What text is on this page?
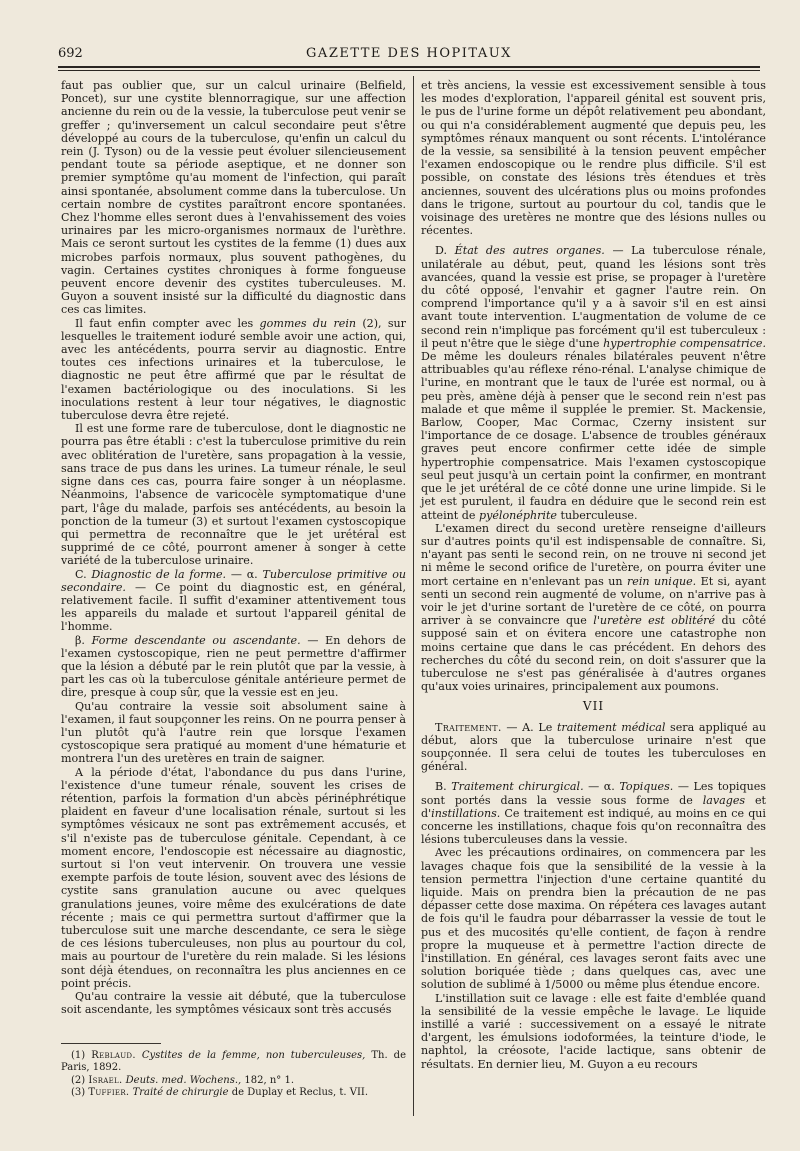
692	GAZETTE DES HOPITAUX

faut pas oublier que, sur un calcul urinaire (Belfield, Poncet), sur une cystite blennorragique, sur une affection ancienne du rein ou de la vessie, la tuberculose peut venir se greffer ; qu'inversement un calcul secondaire peut s'être développé au cours de la tuberculose, qu'enfin un calcul du rein (J. Tyson) ou de la vessie peut évoluer silencieusement pendant toute sa période aseptique, et ne donner son premier symptôme qu'au moment de l'infection, qui paraît ainsi spontanée, absolument comme dans la tuberculose. Un certain nombre de cystites paraîtront encore spontanées. Chez l'homme elles seront dues à l'envahissement des voies urinaires par les micro-organismes normaux de l'urèthre. Mais ce seront surtout les cystites de la femme (1) dues aux microbes parfois normaux, plus souvent pathogènes, du vagin. Certaines cystites chroniques à forme fongueuse peuvent encore devenir des cystites tuberculeuses. M. Guyon a souvent insisté sur la difficulté du diagnostic dans ces cas limites.

Il faut enfin compter avec les gommes du rein (2), sur lesquelles le traitement ioduré semble avoir une action, qui, avec les antécédents, pourra servir au diagnostic. Entre toutes ces infections urinaires et la tuberculose, le diagnostic ne peut être affirmé que par le résultat de l'examen bactériologique ou des inoculations. Si les inoculations restent à leur tour négatives, le diagnostic tuberculose devra être rejeté.

Il est une forme rare de tuberculose, dont le diagnostic ne pourra pas être établi : c'est la tuberculose primitive du rein avec oblitération de l'uretère, sans propagation à la vessie, sans trace de pus dans les urines. La tumeur rénale, le seul signe dans ces cas, pourra faire songer à un néoplasme. Néanmoins, l'absence de varicocèle symptomatique d'une part, l'âge du malade, parfois ses antécédents, au besoin la ponction de la tumeur (3) et surtout l'examen cystoscopique qui permettra de reconnaître que le jet urétéral est supprimé de ce côté, pourront amener à songer à cette variété de la tuberculose urinaire.

C. Diagnostic de la forme. — α. Tuberculose primitive ou secondaire. — Ce point du diagnostic est, en général, relativement facile. Il suffit d'examiner attentivement tous les appareils du malade et surtout l'appareil génital de l'homme.

β. Forme descendante ou ascendante. — En dehors de l'examen cystoscopique, rien ne peut permettre d'affirmer que la lésion a débuté par le rein plutôt que par la vessie, à part les cas où la tuberculose génitale antérieure permet de dire, presque à coup sûr, que la vessie est en jeu.

Qu'au contraire la vessie soit absolument saine à l'examen, il faut soupçonner les reins. On ne pourra penser à l'un plutôt qu'à l'autre rein que lorsque l'examen cystoscopique sera pratiqué au moment d'une hématurie et montrera l'un des uretères en train de saigner.

A la période d'état, l'abondance du pus dans l'urine, l'existence d'une tumeur rénale, souvent les crises de rétention, parfois la formation d'un abcès périnéphrétique plaident en faveur d'une localisation rénale, surtout si les symptômes vésicaux ne sont pas extrêmement accusés, et s'il n'existe pas de tuberculose génitale. Cependant, à ce moment encore, l'endoscopie est nécessaire au diagnostic, surtout si l'on veut intervenir. On trouvera une vessie exempte parfois de toute lésion, souvent avec des lésions de cystite sans granulation aucune ou avec quelques granulations jeunes, voire même des exulcérations de date récente ; mais ce qui permettra surtout d'affirmer que la tuberculose suit une marche descendante, ce sera le siège de ces lésions tuberculeuses, non plus au pourtour du col, mais au pourtour de l'uretère du rein malade. Si les lésions sont déjà étendues, on reconnaîtra les plus anciennes en ce point précis.

Qu'au contraire la vessie ait débuté, que la tuberculose soit ascendante, les symptômes vésicaux sont très accusés

et très anciens, la vessie est excessivement sensible à tous les modes d'exploration, l'appareil génital est souvent pris, le pus de l'urine forme un dépôt relativement peu abondant, ou qui n'a considérablement augmenté que depuis peu, les symptômes rénaux manquent ou sont récents. L'intolérance de la vessie, sa sensibilité à la tension peuvent empêcher l'examen endoscopique ou le rendre plus difficile. S'il est possible, on constate des lésions très étendues et très anciennes, souvent des ulcérations plus ou moins profondes dans le trigone, surtout au pourtour du col, tandis que le voisinage des uretères ne montre que des lésions nulles ou récentes.

D. État des autres organes. — La tuberculose rénale, unilatérale au début, peut, quand les lésions sont très avancées, quand la vessie est prise, se propager à l'uretère du côté opposé, l'envahir et gagner l'autre rein. On comprend l'importance qu'il y a à savoir s'il en est ainsi avant toute intervention. L'augmentation de volume de ce second rein n'implique pas forcément qu'il est tuberculeux : il peut n'être que le siège d'une hypertrophie compensatrice. De même les douleurs rénales bilatérales peuvent n'être attribuables qu'au réflexe réno-rénal. L'analyse chimique de l'urine, en montrant que le taux de l'urée est normal, ou à peu près, amène déjà à penser que le second rein n'est pas malade et que même il supplée le premier. St. Mackensie, Barlow, Cooper, Mac Cormac, Czerny insistent sur l'importance de ce dosage. L'absence de troubles généraux graves peut encore confirmer cette idée de simple hypertrophie compensatrice. Mais l'examen cystoscopique seul peut jusqu'à un certain point la confirmer, en montrant que le jet urétéral de ce côté donne une urine limpide. Si le jet est purulent, il faudra en déduire que le second rein est atteint de pyélonéphrite tuberculeuse.

L'examen direct du second uretère renseigne d'ailleurs sur d'autres points qu'il est indispensable de connaître. Si, n'ayant pas senti le second rein, on ne trouve ni second jet ni même le second orifice de l'uretère, on pourra éviter une mort certaine en n'enlevant pas un rein unique. Et si, ayant senti un second rein augmenté de volume, on n'arrive pas à voir le jet d'urine sortant de l'uretère de ce côté, on pourra arriver à se convaincre que l'uretère est oblitéré du côté supposé sain et on évitera encore une catastrophe non moins certaine que dans le cas précédent. En dehors des recherches du côté du second rein, on doit s'assurer que la tuberculose ne s'est pas généralisée à d'autres organes qu'aux voies urinaires, principalement aux poumons.

VII

Traitement. — A. Le traitement médical sera appliqué au début, alors que la tuberculose urinaire n'est que soupçonnée. Il sera celui de toutes les tuberculoses en général.

B. Traitement chirurgical. — α. Topiques. — Les topiques sont portés dans la vessie sous forme de lavages et d'instillations. Ce traitement est indiqué, au moins en ce qui concerne les instillations, chaque fois qu'on reconnaîtra des lésions tuberculeuses dans la vessie.

Avec les précautions ordinaires, on commencera par les lavages chaque fois que la sensibilité de la vessie à la tension permettra l'injection d'une certaine quantité du liquide. Mais on prendra bien la précaution de ne pas dépasser cette dose maxima. On répétera ces lavages autant de fois qu'il le faudra pour débarrasser la vessie de tout le pus et des mucosités qu'elle contient, de façon à rendre propre la muqueuse et à permettre l'action directe de l'instillation. En général, ces lavages seront faits avec une solution boriquée tiède ; dans quelques cas, avec une solution de sublimé à 1/5000 ou même plus étendue encore.

L'instillation suit ce lavage : elle est faite d'emblée quand la sensibilité de la vessie empêche le lavage. Le liquide instillé a varié : successivement on a essayé le nitrate d'argent, les émulsions iodoformées, la teinture d'iode, le naphtol, la créosote, l'acide lactique, sans obtenir de résultats. En dernier lieu, M. Guyon a eu recours

(1) Reblaud. Cystites de la femme, non tuberculeuses, Th. de Paris, 1892.

(2) Israel. Deuts. med. Wochens., 182, n° 1.

(3) Tuffier. Traité de chirurgie de Duplay et Reclus, t. VII.
